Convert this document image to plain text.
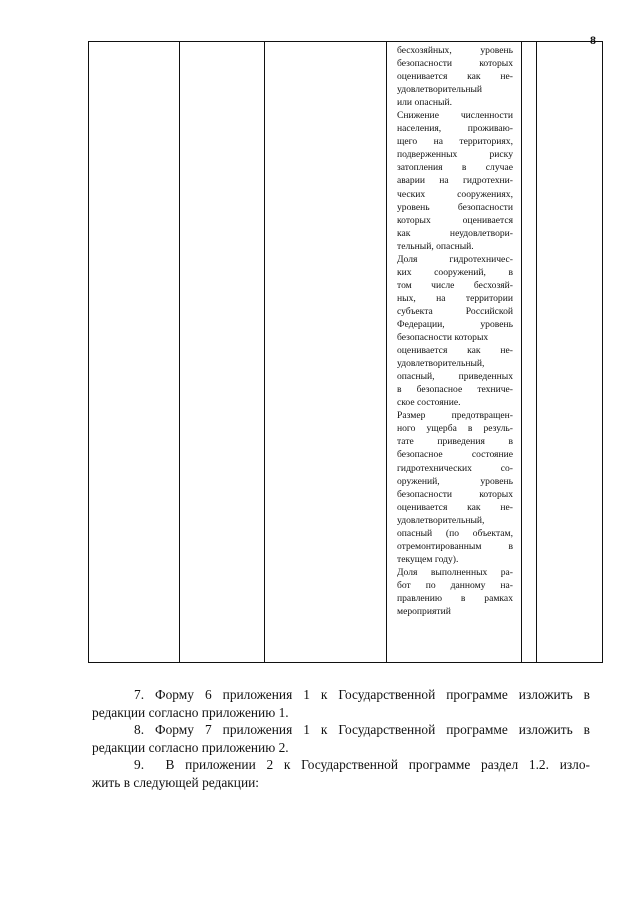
8
бесхозяйных,  уровень
безопасности  которых
оценивается  как  не-
удовлетворительный
или опасный.
Снижение численности
населения,  проживаю-
щего  на  территориях,
подверженных  риску
затопления  в  случае
аварии на гидротехни-
ческих  сооружениях,
уровень  безопасности
которых  оценивается
как  неудовлетвори-
тельный, опасный.
Доля  гидротехничес-
ких  сооружений,  в
том  числе  бесхозяй-
ных,  на  территории
субъекта  Российской
Федерации,  уровень
безопасности которых
оценивается  как  не-
удовлетворительный,
опасный, приведенных
в безопасное техниче-
ское состояние.
Размер предотвращен-
ного ущерба в резуль-
тате  приведения  в
безопасное состояние
гидротехнических  со-
оружений,  уровень
безопасности  которых
оценивается  как  не-
удовлетворительный,
опасный (по объектам,
отремонтированным  в
текущем году).
Доля выполненных ра-
бот  по  данному  на-
правлению  в  рамках
мероприятий
7. Форму 6 приложения 1 к Государственной программе изложить в
редакции согласно приложению 1.
8. Форму 7 приложения 1 к Государственной программе изложить в
редакции согласно приложению 2.
9.  В приложении 2 к Государственной программе раздел 1.2. изло-
жить в следующей редакции:
